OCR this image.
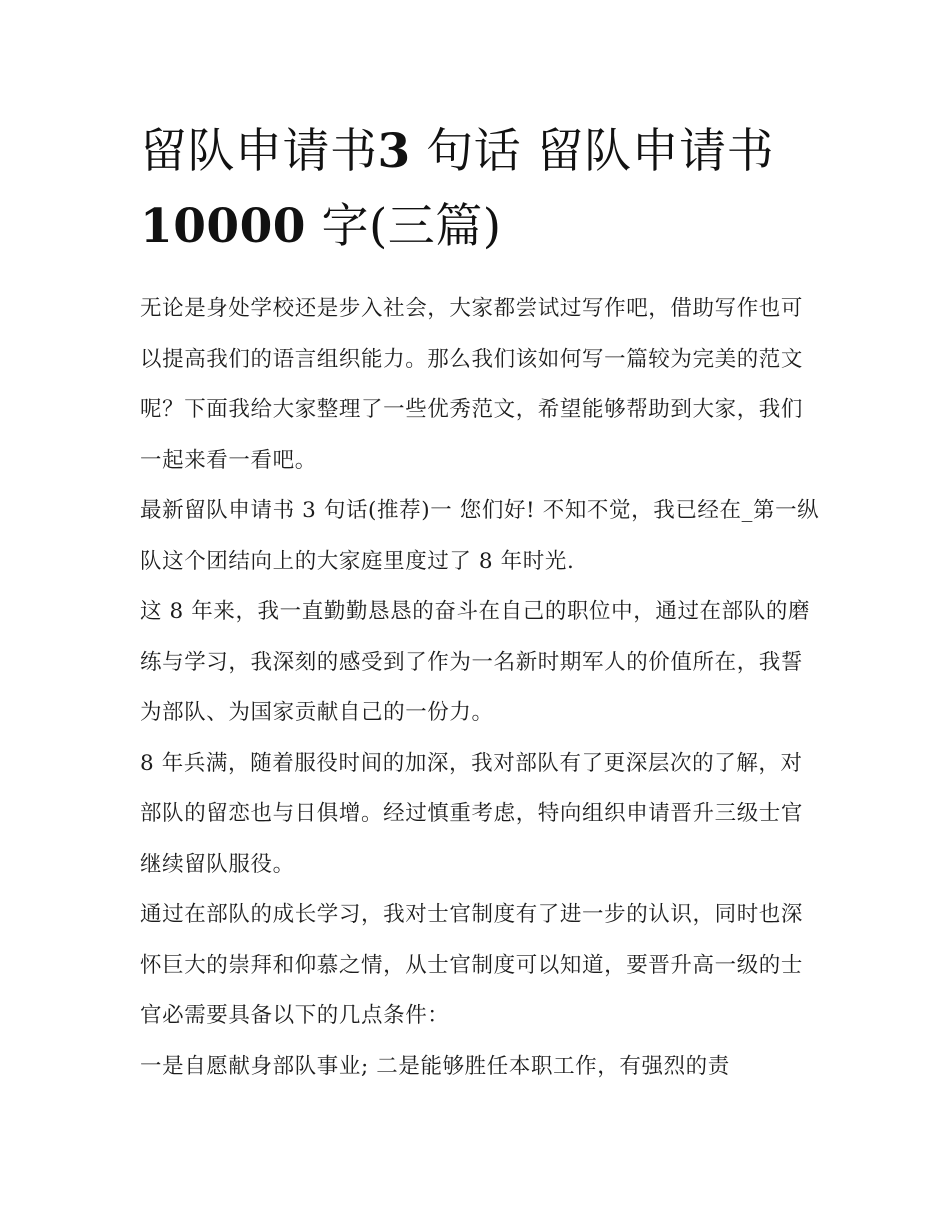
留队申请书3 句话 留队申请书
10000 字(三篇)

无论是身处学校还是步入社会，大家都尝试过写作吧，借助写作也可以提高我们的语言组织能力。那么我们该如何写一篇较为完美的范文呢？下面我给大家整理了一些优秀范文，希望能够帮助到大家，我们一起来看一看吧。

最新留队申请书 3 句话(推荐)一 您们好! 不知不觉，我已经在_第一纵队这个团结向上的大家庭里度过了 8 年时光.

这 8 年来，我一直勤勤恳恳的奋斗在自己的职位中，通过在部队的磨练与学习，我深刻的感受到了作为一名新时期军人的价值所在，我誓为部队、为国家贡献自己的一份力。

8 年兵满，随着服役时间的加深，我对部队有了更深层次的了解，对部队的留恋也与日俱增。经过慎重考虑，特向组织申请晋升三级士官继续留队服役。

通过在部队的成长学习，我对士官制度有了进一步的认识，同时也深怀巨大的崇拜和仰慕之情，从士官制度可以知道，要晋升高一级的士官必需要具备以下的几点条件：

一是自愿献身部队事业; 二是能够胜任本职工作，有强烈的责
